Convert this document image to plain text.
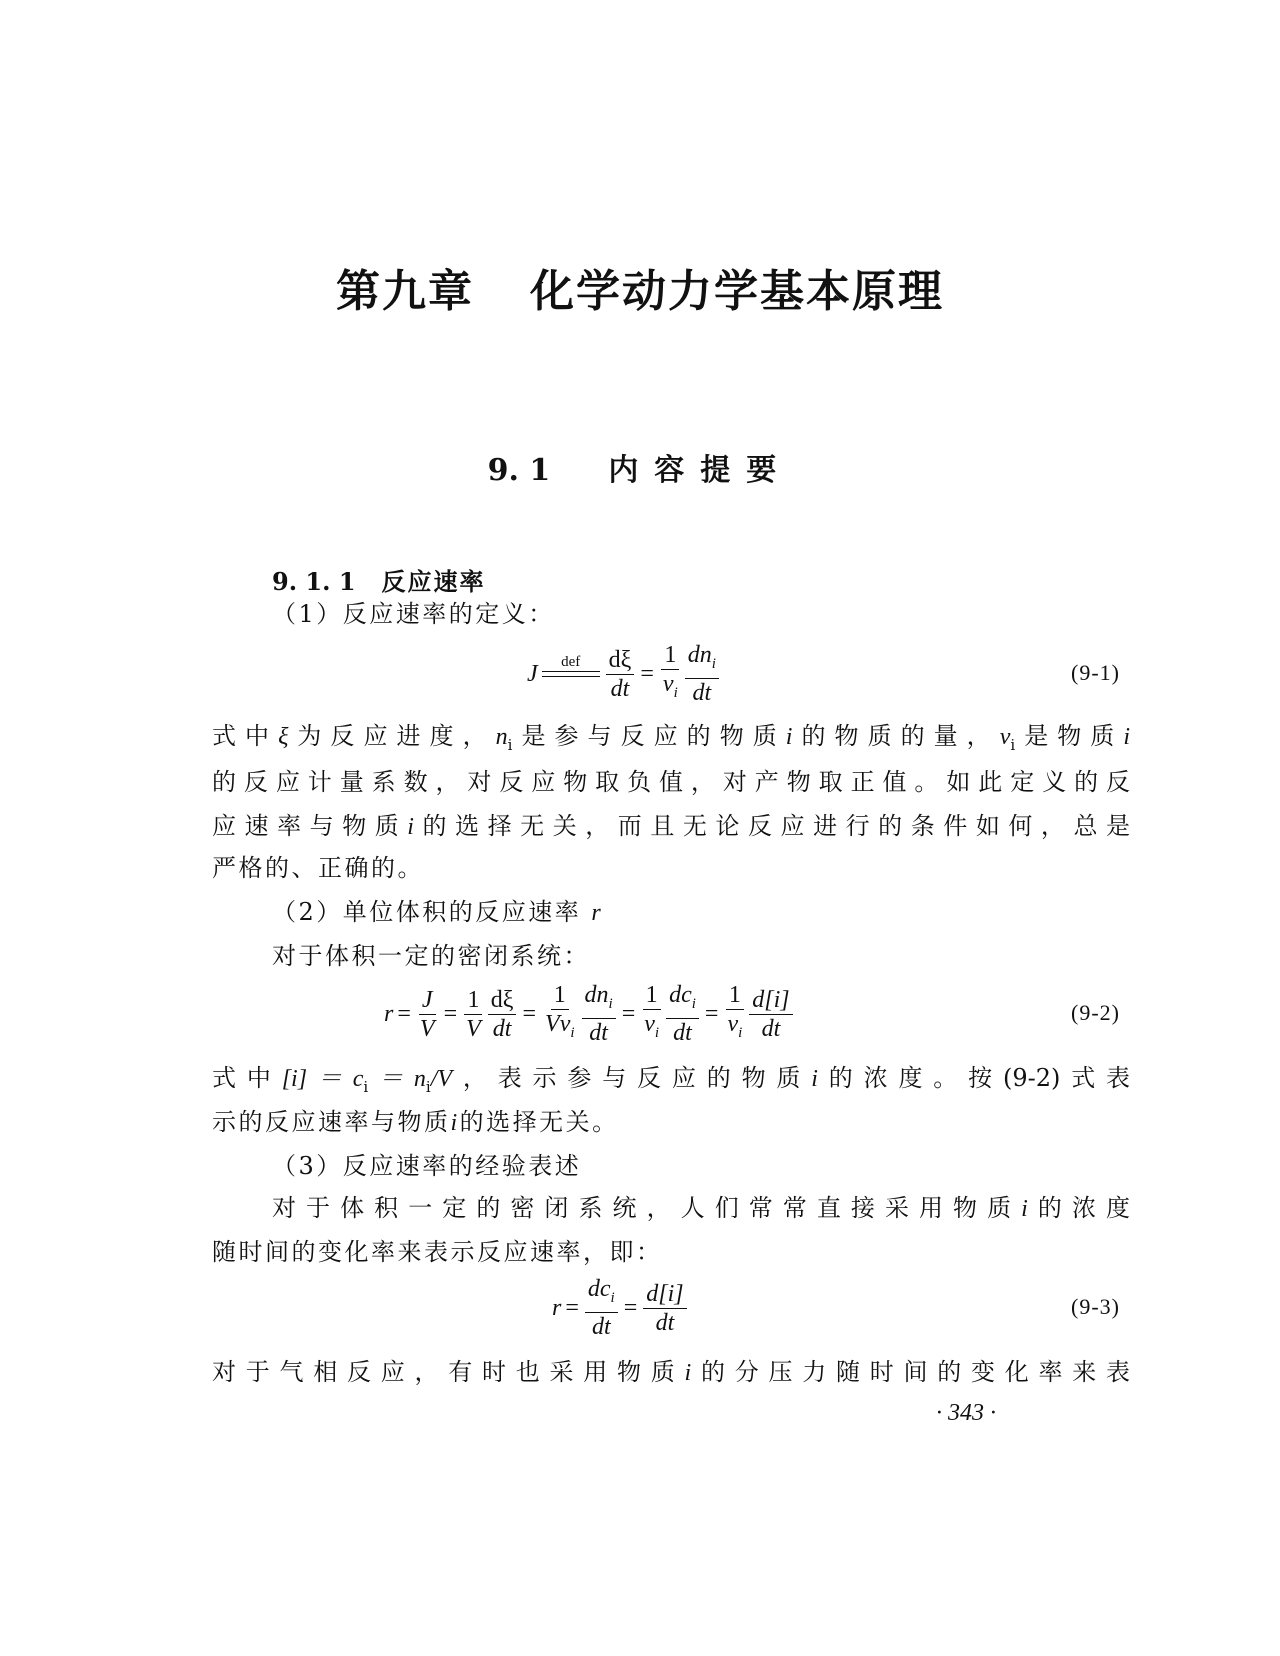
第九章 化学动力学基本原理
9. 1 内容提要
9. 1. 1 反应速率
（1）反应速率的定义：
J def
$\frac{d\xi}{dt} = \frac{1}{\nu_i} \frac{dn_i}{dt}$	(9-1)
式中ξ为反应进度，$n_i$是参与反应的物质i的物质的量，$\nu_i$是物质i
的反应计量系数，对反应物取负值，对产物取正值。如此定义的反
应速率与物质i的选择无关，而且无论反应进行的条件如何，总是
严格的、正确的。
（2）单位体积的反应速率 r
对于体积一定的密闭系统：
$r = \frac{J}{V} = \frac{1}{V} \frac{d\xi}{dt} = \frac{1}{V\nu_i} \frac{dn_i}{dt} = \frac{1}{\nu_i} \frac{dc_i}{dt} = \frac{1}{\nu_i} \frac{d[i]}{dt}$	(9-2)
式中$[i]=c_i=n_i/V$，表示参与反应的物质i的浓度。按(9-2)式表
示的反应速率与物质i的选择无关。
（3）反应速率的经验表述
对于体积一定的密闭系统，人们常常直接采用物质i的浓度
随时间的变化率来表示反应速率，即：
$r = \frac{dc_i}{dt} = \frac{d[i]}{dt}$	(9-3)
对于气相反应，有时也采用物质i的分压力随时间的变化率来表
· 343 ·
